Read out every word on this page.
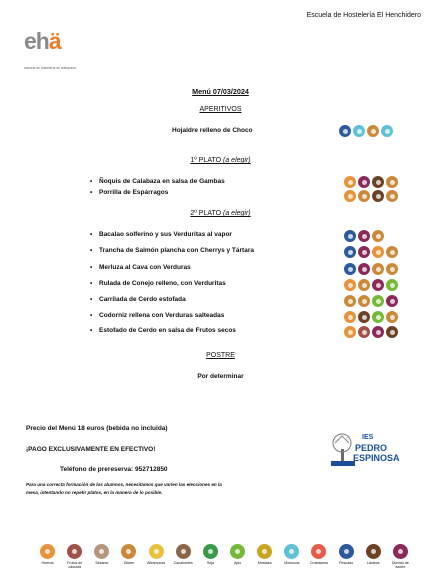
Escuela de Hostelería El Henchidero
ehä
escuela de hostelería de antequera
Menú 07/03/2024
APERITIVOS
Hojaldre relleno de Choco
1º PLATO (a elegir)
• Ñoquis de Calabaza en salsa de Gambas
• Porrilla de Espárragos
2º PLATO (a elegir)
• Bacalao solferino y sus Verduritas al vapor
• Trancha de Salmón plancha con Cherrys y Tártara
• Merluza al Cava con Verduras
• Rulada de Conejo relleno, con Verduritas
• Carrilada de Cerdo estofada
• Codorniz rellena con Verduras salteadas
• Estofado de Cerdo en salsa de Frutos secos
POSTRE
Por determinar
Precio del Menú 18 euros (bebida no incluida)
¡PAGO EXCLUSIVAMENTE EN EFECTIVO!
Teléfono de prereserva: 952712850
Para una correcta formación de los alumnos, necesitamos que varíen las elecciones en la mesa, intentando no repetir platos, en la manera de lo posible.
IES
PEDRO
ESPINOSA
Huevos	Frutos de cáscara
Sésamo	Gluten	Altramuces Cacahuetes	Soja	Apio	Mostaza	Moluscos	Crustáceos	Pescado	Lácteos	Dióxido de azufre
